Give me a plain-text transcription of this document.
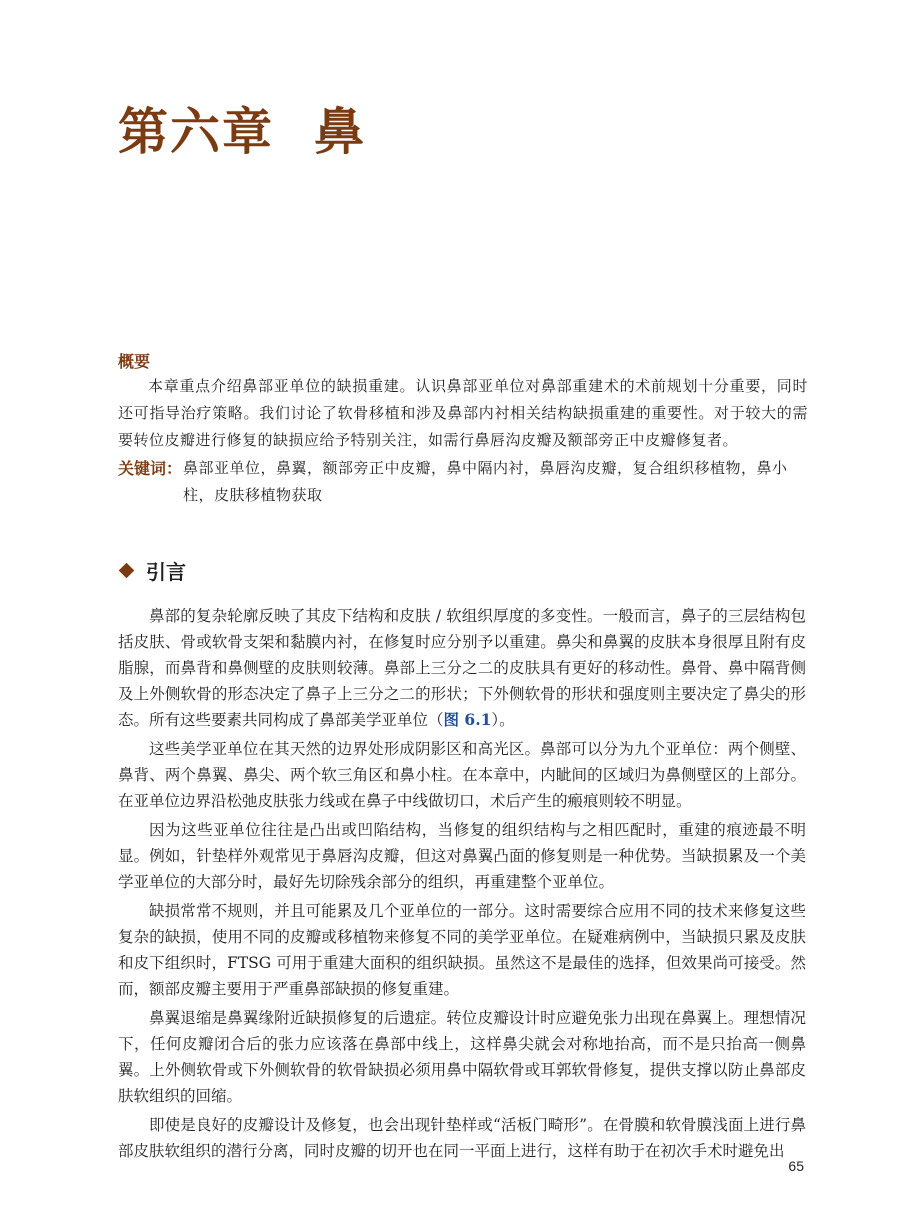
第六章 鼻
概要

本章重点介绍鼻部亚单位的缺损重建。认识鼻部亚单位对鼻部重建术的术前规划十分重要，同时还可指导治疗策略。我们讨论了软骨移植和涉及鼻部内衬相关结构缺损重建的重要性。对于较大的需要转位皮瓣进行修复的缺损应给予特别关注，如需行鼻唇沟皮瓣及额部旁正中皮瓣修复者。

关键词： 鼻部亚单位，鼻翼，额部旁正中皮瓣，鼻中隔内衬，鼻唇沟皮瓣，复合组织移植物，鼻小柱，皮肤移植物获取
引言

鼻部的复杂轮廓反映了其皮下结构和皮肤 / 软组织厚度的多变性。一般而言，鼻子的三层结构包括皮肤、骨或软骨支架和黏膜内衬，在修复时应分别予以重建。鼻尖和鼻翼的皮肤本身很厚且附有皮脂腺，而鼻背和鼻侧壁的皮肤则较薄。鼻部上三分之二的皮肤具有更好的移动性。鼻骨、鼻中隔背侧及上外侧软骨的形态决定了鼻子上三分之二的形状；下外侧软骨的形状和强度则主要决定了鼻尖的形态。所有这些要素共同构成了鼻部美学亚单位（图 6.1）。

这些美学亚单位在其天然的边界处形成阴影区和高光区。鼻部可以分为九个亚单位：两个侧壁、鼻背、两个鼻翼、鼻尖、两个软三角区和鼻小柱。在本章中，内眦间的区域归为鼻侧壁区的上部分。在亚单位边界沿松弛皮肤张力线或在鼻子中线做切口，术后产生的瘢痕则较不明显。

因为这些亚单位往往是凸出或凹陷结构，当修复的组织结构与之相匹配时，重建的痕迹最不明显。例如，针垫样外观常见于鼻唇沟皮瓣，但这对鼻翼凸面的修复则是一种优势。当缺损累及一个美学亚单位的大部分时，最好先切除残余部分的组织，再重建整个亚单位。

缺损常常不规则，并且可能累及几个亚单位的一部分。这时需要综合应用不同的技术来修复这些复杂的缺损，使用不同的皮瓣或移植物来修复不同的美学亚单位。在疑难病例中，当缺损只累及皮肤和皮下组织时，FTSG 可用于重建大面积的组织缺损。虽然这不是最佳的选择，但效果尚可接受。然而，额部皮瓣主要用于严重鼻部缺损的修复重建。

鼻翼退缩是鼻翼缘附近缺损修复的后遗症。转位皮瓣设计时应避免张力出现在鼻翼上。理想情况下，任何皮瓣闭合后的张力应该落在鼻部中线上，这样鼻尖就会对称地抬高，而不是只抬高一侧鼻翼。上外侧软骨或下外侧软骨的软骨缺损必须用鼻中隔软骨或耳郭软骨修复，提供支撑以防止鼻部皮肤软组织的回缩。

即使是良好的皮瓣设计及修复，也会出现针垫样或“活板门畸形”。在骨膜和软骨膜浅面上进行鼻部皮肤软组织的潜行分离，同时皮瓣的切开也在同一平面上进行，这样有助于在初次手术时避免出

65
